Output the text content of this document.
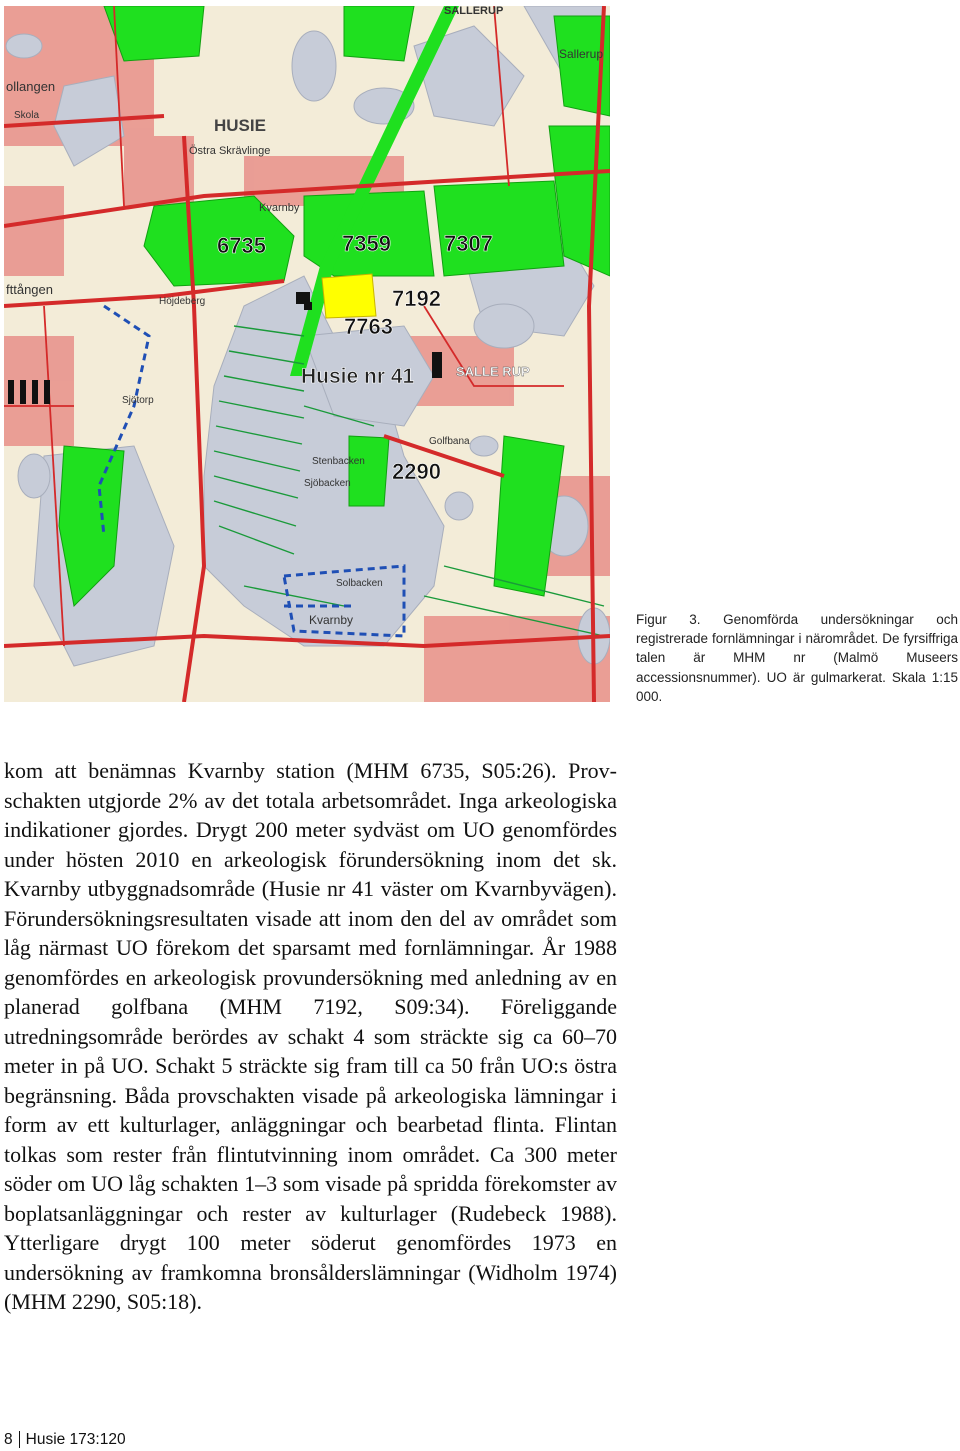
HUSIE
Östra Skrävlinge
Kvarnby
Kvarnby
SALLERUP
Sallerup
ollangen
Skola
fttången
Höjdeberg
Golfbana
Stenbacken
Sjöbacken
Solbacken
Sjötorp
SALLE RUP
6735	7359 7307
7192
7763
2290
Husie nr 41

Figur 3. Genomförda undersökningar och registrerade fornlämningar i närområdet. De fyrsiffriga talen är MHM nr (Malmö Museers accessionsnummer). UO är gulmarkerat. Skala 1:15 000.

kom att benämnas Kvarnby station (MHM 6735, S05:26). Provschakten utgjorde 2% av det totala arbetsområdet. Inga arkeologiska indikationer gjordes. Drygt 200 meter sydväst om UO genomfördes under hösten 2010 en arkeologisk förundersökning inom det sk. Kvarnby utbyggnadsområde (Husie nr 41 väster om Kvarnbyvägen). Förundersökningsresultaten visade att inom den del av området som låg närmast UO förekom det sparsamt med fornlämningar. År 1988 genomfördes en arkeologisk provundersökning med anledning av en planerad golfbana (MHM 7192, S09:34). Föreliggande utredningsområde berördes av schakt 4 som sträckte sig ca 60–70 meter in på UO. Schakt 5 sträckte sig fram till ca 50 från UO:s östra begränsning. Båda provschakten visade på arkeologiska lämningar i form av ett kulturlager, anläggningar och bearbetad flinta. Flintan tolkas som rester från flintutvinning inom området. Ca 300 meter söder om UO låg schakten 1–3 som visade på spridda förekomster av boplatsanläggningar och rester av kulturlager (Rudebeck 1988). Ytterligare drygt 100 meter söderut genomfördes 1973 en undersökning av framkomna bronsålderslämningar (Widholm 1974)(MHM 2290, S05:18).

8 Husie 173:120
